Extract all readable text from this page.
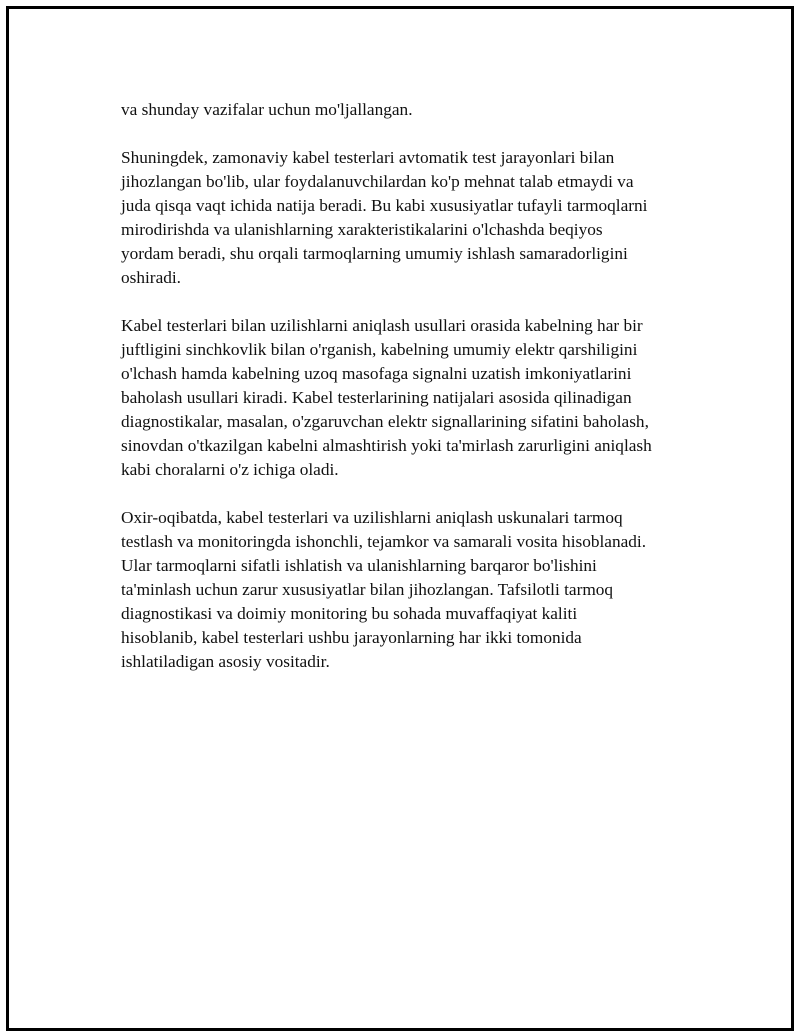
va shunday vazifalar uchun mo'ljallangan.

Shuningdek, zamonaviy kabel testerlari avtomatik test jarayonlari bilan
jihozlangan bo'lib, ular foydalanuvchilardan ko'p mehnat talab etmaydi va
juda qisqa vaqt ichida natija beradi. Bu kabi xususiyatlar tufayli tarmoqlarni
mirodirishda va ulanishlarning xarakteristikalarini o'lchashda beqiyos
yordam beradi, shu orqali tarmoqlarning umumiy ishlash samaradorligini
oshiradi.

Kabel testerlari bilan uzilishlarni aniqlash usullari orasida kabelning har bir
juftligini sinchkovlik bilan o'rganish, kabelning umumiy elektr qarshiligini
o'lchash hamda kabelning uzoq masofaga signalni uzatish imkoniyatlarini
baholash usullari kiradi. Kabel testerlarining natijalari asosida qilinadigan
diagnostikalar, masalan, o'zgaruvchan elektr signallarining sifatini baholash,
sinovdan o'tkazilgan kabelni almashtirish yoki ta'mirlash zarurligini aniqlash
kabi choralarni o'z ichiga oladi.

Oxir-oqibatda, kabel testerlari va uzilishlarni aniqlash uskunalari tarmoq
testlash va monitoringda ishonchli, tejamkor va samarali vosita hisoblanadi.
Ular tarmoqlarni sifatli ishlatish va ulanishlarning barqaror bo'lishini
ta'minlash uchun zarur xususiyatlar bilan jihozlangan. Tafsilotli tarmoq
diagnostikasi va doimiy monitoring bu sohada muvaffaqiyat kaliti
hisoblanib, kabel testerlari ushbu jarayonlarning har ikki tomonida
ishlatiladigan asosiy vositadir.
